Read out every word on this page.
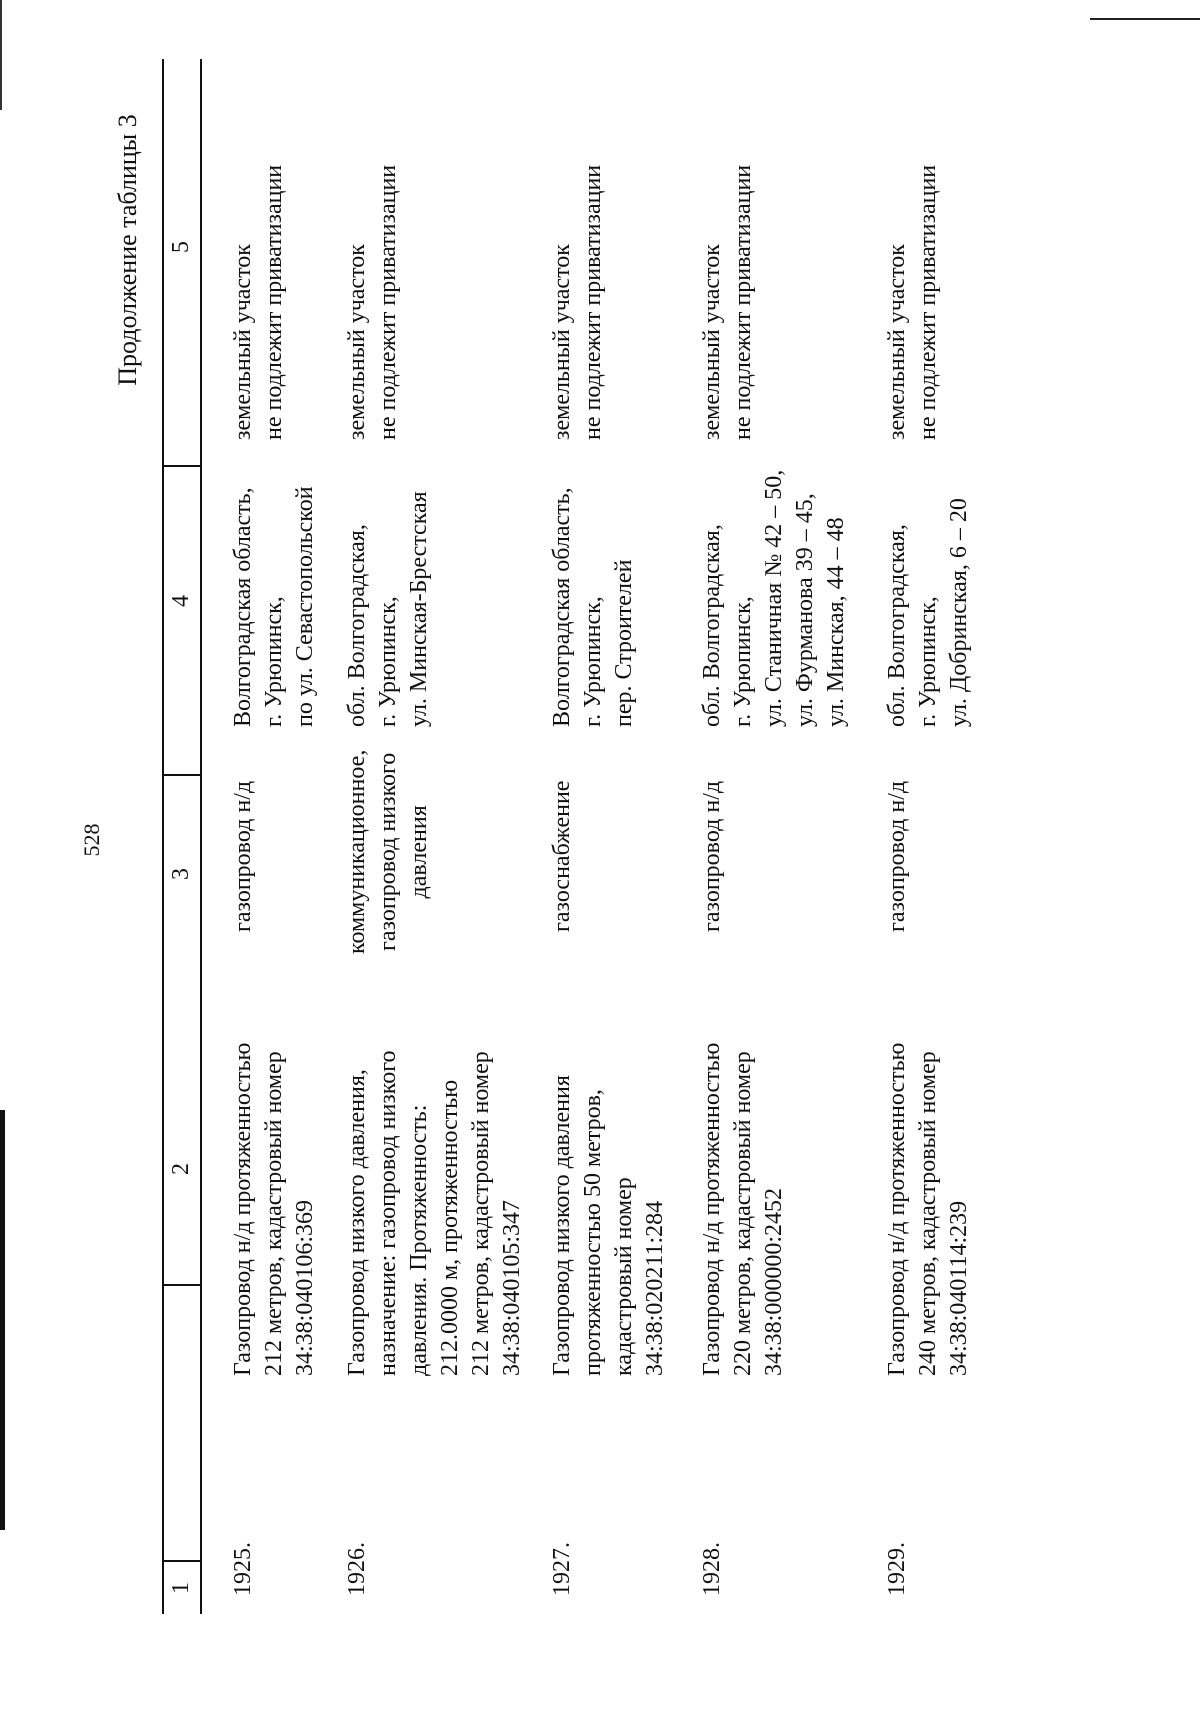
528
Продолжение таблицы 3
1
2
3
4
5
1925.
Газопровод н/д протяженностью 212 метров, кадастровый номер 34:38:040106:369
газопровод н/д
Волгоградская область, г. Урюпинск, по ул. Севастопольской
земельный участок не подлежит приватизации
1926.
Газопровод низкого давления, назначение: газопровод низкого давления. Протяженность: 212.0000 м, протяженностью 212 метров, кадастровый номер 34:38:040105:347
коммуникационное, газопровод низкого давления
обл. Волгоградская, г. Урюпинск, ул. Минская-Брестская
земельный участок не подлежит приватизации
1927.
Газопровод низкого давления протяженностью 50 метров, кадастровый номер 34:38:020211:284
газоснабжение
Волгоградская область, г. Урюпинск, пер. Строителей
земельный участок не подлежит приватизации
1928.
Газопровод н/д протяженностью 220 метров, кадастровый номер 34:38:000000:2452
газопровод н/д
обл. Волгоградская, г. Урюпинск, ул. Станичная № 42 – 50, ул. Фурманова 39 – 45, ул. Минская, 44 – 48
земельный участок не подлежит приватизации
1929.
Газопровод н/д протяженностью 240 метров, кадастровый номер 34:38:040114:239
газопровод н/д
обл. Волгоградская, г. Урюпинск, ул. Добринская, 6 – 20
земельный участок не подлежит приватизации
